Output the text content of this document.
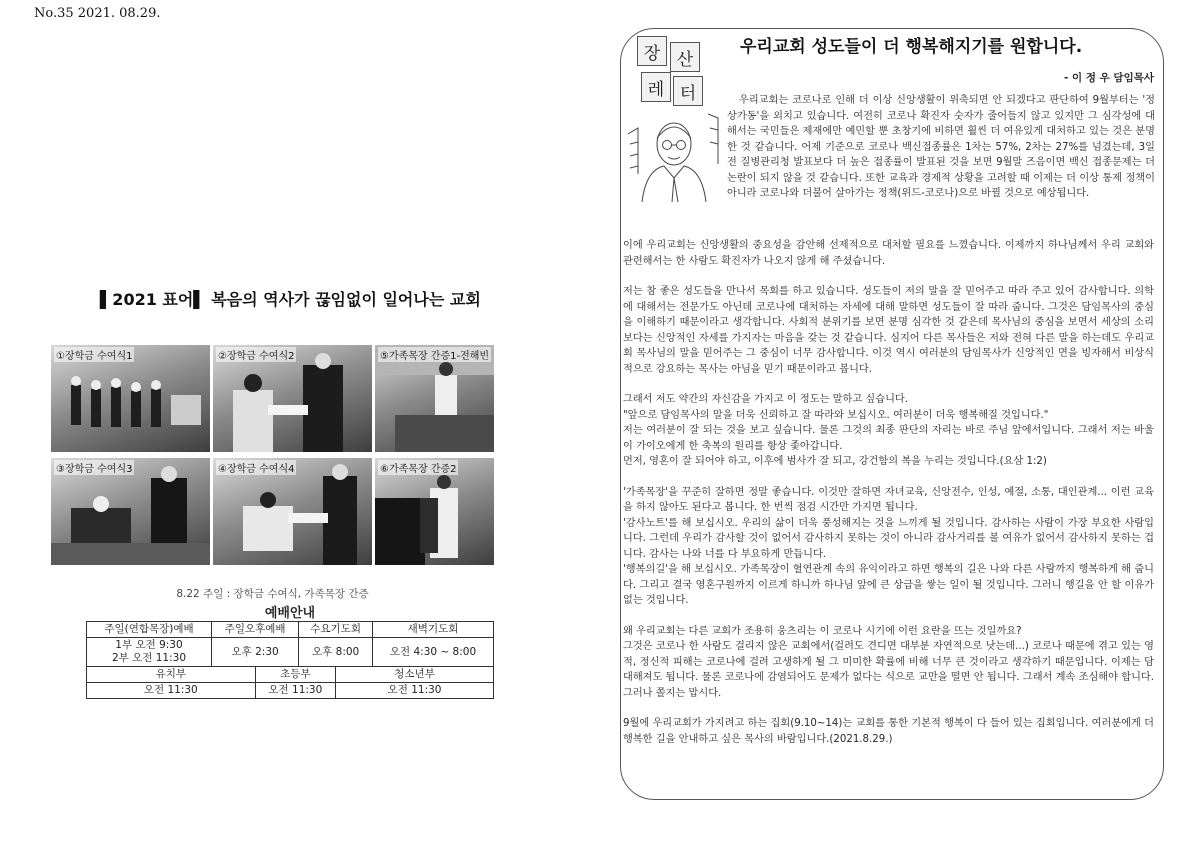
No.35 2021. 08.29.
▌2021 표어▌ 복음의 역사가 끊임없이 일어나는 교회
①장학금 수여식1	②장학금 수여식2	⑤가족목장 간증1-전해빈
③장학금 수여식3	④장학금 수여식4	⑥가족목장 간증2
8.22 주일 : 장학금 수여식, 가족목장 간증
예배안내					
주일(연합목장)예배	주일오후예배		수요기도회		새벽기도회

1부 오전 9:30
2부 오전 11:30	오후 2:30		오후 8:00		오전 4:30 ~ 8:00
유치부		초등부		청소년부	
오전 11:30		오전 11:30		오전 11:30	
장 산
레 터
우리교회 성도들이 더 행복해지기를 원합니다.
- 이 정 우 담임목사

우리교회는 코로나로 인해 더 이상 신앙생활이 위축되면 안 되겠다고 판단하여 9월부터는 '정상가동'을 외치고 있습니다. 여전히 코로나 확진자 숫자가 줄어들지 않고 있지만 그 심각성에 대해서는 국민들은 제재에만 예민할 뿐 초창기에 비하면 훨씬 더 여유있게 대처하고 있는 것은 분명한 것 같습니다. 어제 기준으로 코로나 백신접종률은 1차는 57%, 2차는 27%를 넘겼는데, 3일 전 질병관리청 발표보다 더 높은 접종률이 발표된 것을 보면 9월말 즈음이면 백신 접종문제는 더 논란이 되지 않을 것 같습니다. 또한 교육과 경제적 상황을 고려할 때 이제는 더 이상 통제 정책이 아니라 코로나와 더불어 살아가는 정책(위드-코로나)으로 바뀔 것으로 예상됩니다.

이에 우리교회는 신앙생활의 중요성을 감안해 선제적으로 대처할 필요를 느꼈습니다. 이제까지 하나님께서 우리 교회와 관련해서는 한 사람도 확진자가 나오지 않게 해 주셨습니다.

저는 참 좋은 성도들을 만나서 목회를 하고 있습니다. 성도들이 저의 말을 잘 믿어주고 따라 주고 있어 감사합니다. 의학에 대해서는 전문가도 아닌데 코로나에 대처하는 자세에 대해 말하면 성도들이 잘 따라 줍니다. 그것은 담임목사의 중심을 이해하기 때문이라고 생각합니다. 사회적 분위기를 보면 분명 심각한 것 같은데 목사님의 중심을 보면서 세상의 소리보다는 신앙적인 자세를 가지자는 마음을 갖는 것 같습니다. 심지어 다른 목사들은 저와 전혀 다른 말을 하는데도 우리교회 목사님의 말을 믿어주는 그 중심이 너무 감사합니다. 이것 역시 여러분의 담임목사가 신앙적인 면을 빙자해서 비상식적으로 강요하는 목사는 아님을 믿기 때문이라고 봅니다.

그래서 저도 약간의 자신감을 가지고 이 정도는 말하고 싶습니다.

"앞으로 담임목사의 말을 더욱 신뢰하고 잘 따라와 보십시오. 여러분이 더욱 행복해질 것입니다."

저는 여러분이 잘 되는 것을 보고 싶습니다. 물론 그것의 최종 판단의 자리는 바로 주님 앞에서입니다. 그래서 저는 바울이 가이오에게 한 축복의 원리를 항상 좇아갑니다.

먼저, 영혼이 잘 되어야 하고, 이후에 범사가 잘 되고, 강건함의 복을 누리는 것입니다.(요삼 1:2)

'가족목장'을 꾸준히 잘하면 정말 좋습니다. 이것만 잘하면 자녀교육, 신앙전수, 인성, 예절, 소통, 대인관계... 이런 교육을 하지 않아도 된다고 봅니다. 한 번씩 점검 시간만 가지면 됩니다.

'감사노트'를 해 보십시오. 우리의 삶이 더욱 풍성해지는 것을 느끼게 될 것입니다. 감사하는 사람이 가장 부요한 사람입니다. 그런데 우리가 감사할 것이 없어서 감사하지 못하는 것이 아니라 감사거리를 볼 여유가 없어서 감사하지 못하는 겁니다. 감사는 나와 너를 다 부요하게 만듭니다.

'행복의길'을 해 보십시오. 가족목장이 혈연관계 속의 유익이라고 하면 행복의 길은 나와 다른 사람까지 행복하게 해 줍니다. 그리고 결국 영혼구원까지 이르게 하니까 하나님 앞에 큰 상급을 쌓는 일이 될 것입니다. 그러니 행길을 안 할 이유가 없는 것입니다.

왜 우리교회는 다른 교회가 조용히 웅츠리는 이 코로나 시기에 이런 요란을 뜨는 것일까요?

그것은 코로나 한 사람도 걸리지 않은 교회에서(걸려도 견디면 대부분 자연적으로 낫는데...) 코로나 때문에 겪고 있는 영적, 정신적 피해는 코로나에 걸려 고생하게 될 그 미미한 확률에 비해 너무 큰 것이라고 생각하기 때문입니다. 이제는 담대해져도 됩니다. 물론 코로나에 감염되어도 문제가 없다는 식으로 교만을 떨면 안 됩니다. 그래서 계속 조심해야 합니다. 그러나 쫄지는 맙시다.

9월에 우리교회가 가지려고 하는 집회(9.10~14)는 교회를 통한 기본적 행복이 다 들어 있는 집회입니다. 여러분에게 더 행복한 길을 안내하고 싶은 목사의 바람입니다.(2021.8.29.)
